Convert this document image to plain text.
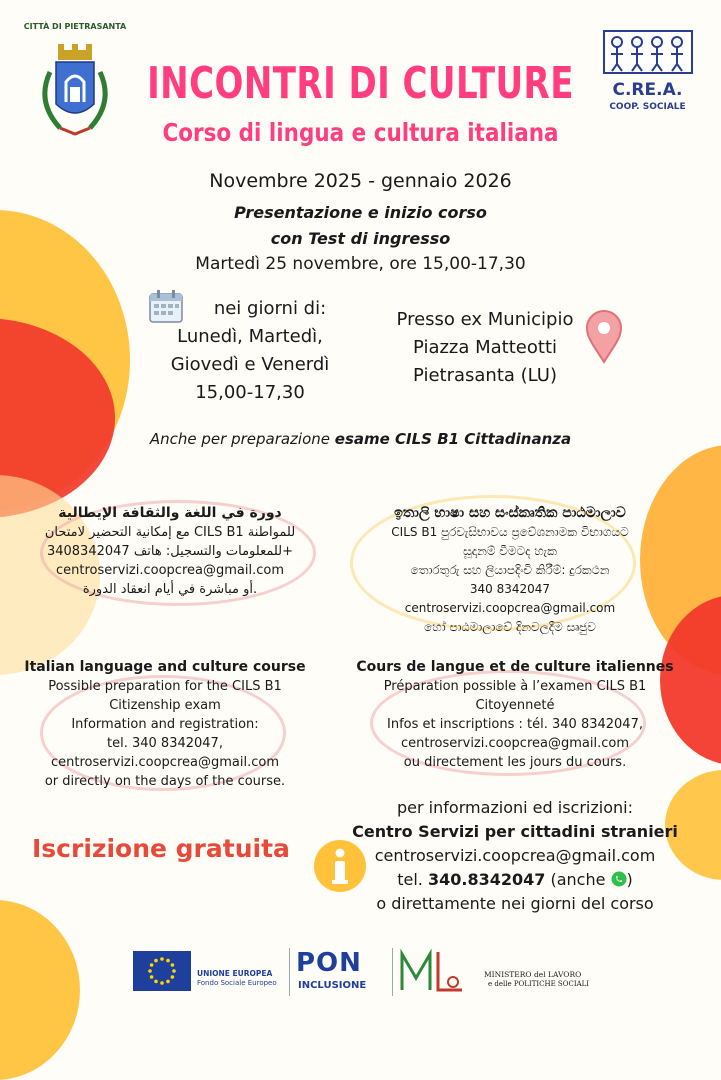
CITTÀ DI PIETRASANTA
C.RE.A.
COOP. SOCIALE
INCONTRI DI CULTURE
Corso di lingua e cultura italiana
Novembre 2025 - gennaio 2026
Presentazione e inizio corso
con Test di ingresso
Martedì 25 novembre, ore 15,00-17,30
nei giorni di:
Lunedì, Martedì,
Giovedì e Venerdì
15,00-17,30
Presso ex Municipio
Piazza Matteotti
Pietrasanta (LU)
Anche per preparazione esame CILS B1 Cittadinanza
دورة في اللغة والثقافة الإيطالية
للمواطنة CILS B1 مع إمكانية التحضير لامتحان
+للمعلومات والتسجيل: هاتف 3408342047
centroservizi.coopcrea@gmail.com
.أو مباشرة في أيام انعقاد الدورة
ඉතාලි භාෂා සහ සංස්කෘතික පාඨමාලාව
CILS B1 පුරවැසිභාවය ප්‍රවේශනාමක විභාගයට
සූදානම් වීමටද හැක
තොරතුරු සහ ලියාපදිංචි කිරීම්: දුරකථන
340 8342047
centroservizi.coopcrea@gmail.com
හෝ පාඨමාලාවේ දිනවලදීම සෘජුව
Italian language and culture course
Possible preparation for the CILS B1
Citizenship exam
Information and registration:
tel. 340 8342047,
centroservizi.coopcrea@gmail.com
or directly on the days of the course.
Cours de langue et de culture italiennes
Préparation possible à l’examen CILS B1
Citoyenneté
Infos et inscriptions : tél. 340 8342047,
centroservizi.coopcrea@gmail.com
ou directement les jours du cours.
Iscrizione gratuita
per informazioni ed iscrizioni:
Centro Servizi per cittadini stranieri
centroservizi.coopcrea@gmail.com
tel. 340.8342047 (anche )
o direttamente nei giorni del corso
UNIONE EUROPEA
Fondo Sociale Europeo
PON
INCLUSIONE
MINISTERO del LAVORO
e delle POLITICHE SOCIALI
